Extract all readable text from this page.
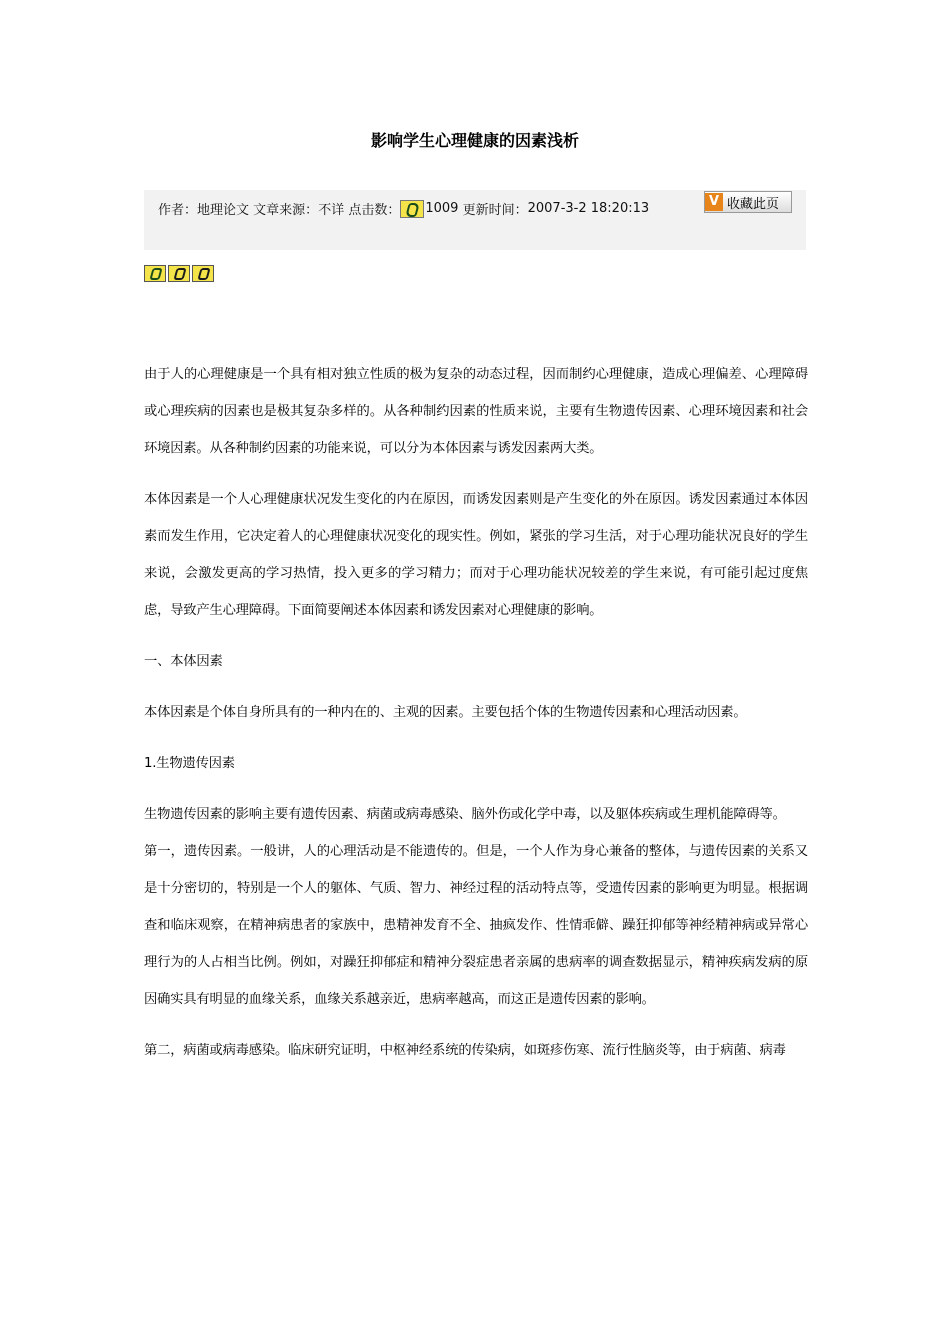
影响学生心理健康的因素浅析
作者：地理论文 文章来源：不详 点击数： 1009 更新时间：2007-3-2 18:20:13	V 收藏此页

由于人的心理健康是一个具有相对独立性质的极为复杂的动态过程，因而制约心理健康，造成心理偏差、心理障碍或心理疾病的因素也是极其复杂多样的。从各种制约因素的性质来说，主要有生物遗传因素、心理环境因素和社会环境因素。从各种制约因素的功能来说，可以分为本体因素与诱发因素两大类。

本体因素是一个人心理健康状况发生变化的内在原因，而诱发因素则是产生变化的外在原因。诱发因素通过本体因素而发生作用，它决定着人的心理健康状况变化的现实性。例如，紧张的学习生活，对于心理功能状况良好的学生来说，会激发更高的学习热情，投入更多的学习精力；而对于心理功能状况较差的学生来说，有可能引起过度焦虑，导致产生心理障碍。下面简要阐述本体因素和诱发因素对心理健康的影响。

一、本体因素

本体因素是个体自身所具有的一种内在的、主观的因素。主要包括个体的生物遗传因素和心理活动因素。

1.生物遗传因素

生物遗传因素的影响主要有遗传因素、病菌或病毒感染、脑外伤或化学中毒，以及躯体疾病或生理机能障碍等。

第一，遗传因素。一般讲，人的心理活动是不能遗传的。但是，一个人作为身心兼备的整体，与遗传因素的关系又是十分密切的，特别是一个人的躯体、气质、智力、神经过程的活动特点等，受遗传因素的影响更为明显。根据调查和临床观察，在精神病患者的家族中，患精神发育不全、抽疯发作、性情乖僻、躁狂抑郁等神经精神病或异常心理行为的人占相当比例。例如，对躁狂抑郁症和精神分裂症患者亲属的患病率的调查数据显示，精神疾病发病的原因确实具有明显的血缘关系，血缘关系越亲近，患病率越高，而这正是遗传因素的影响。

第二，病菌或病毒感染。临床研究证明，中枢神经系统的传染病，如斑疹伤寒、流行性脑炎等，由于病菌、病毒
